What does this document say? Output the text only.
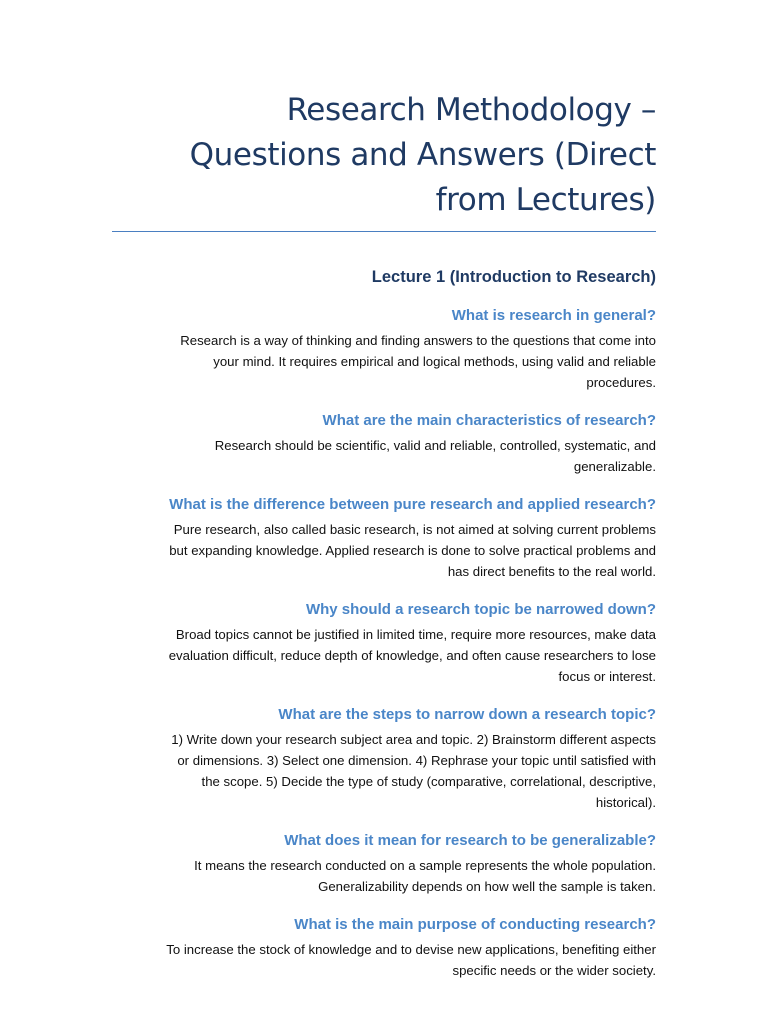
Research Methodology –
Questions and Answers (Direct
from Lectures)
Lecture 1 (Introduction to Research)
What is research in general?

Research is a way of thinking and finding answers to the questions that come into
your mind. It requires empirical and logical methods, using valid and reliable
procedures.

What are the main characteristics of research?

Research should be scientific, valid and reliable, controlled, systematic, and
generalizable.

What is the difference between pure research and applied research?

Pure research, also called basic research, is not aimed at solving current problems
but expanding knowledge. Applied research is done to solve practical problems and
has direct benefits to the real world.

Why should a research topic be narrowed down?

Broad topics cannot be justified in limited time, require more resources, make data
evaluation difficult, reduce depth of knowledge, and often cause researchers to lose
focus or interest.

What are the steps to narrow down a research topic?

1) Write down your research subject area and topic. 2) Brainstorm different aspects
or dimensions. 3) Select one dimension. 4) Rephrase your topic until satisfied with
the scope. 5) Decide the type of study (comparative, correlational, descriptive,
historical).

What does it mean for research to be generalizable?

It means the research conducted on a sample represents the whole population.
Generalizability depends on how well the sample is taken.

What is the main purpose of conducting research?

To increase the stock of knowledge and to devise new applications, benefiting either
specific needs or the wider society.
